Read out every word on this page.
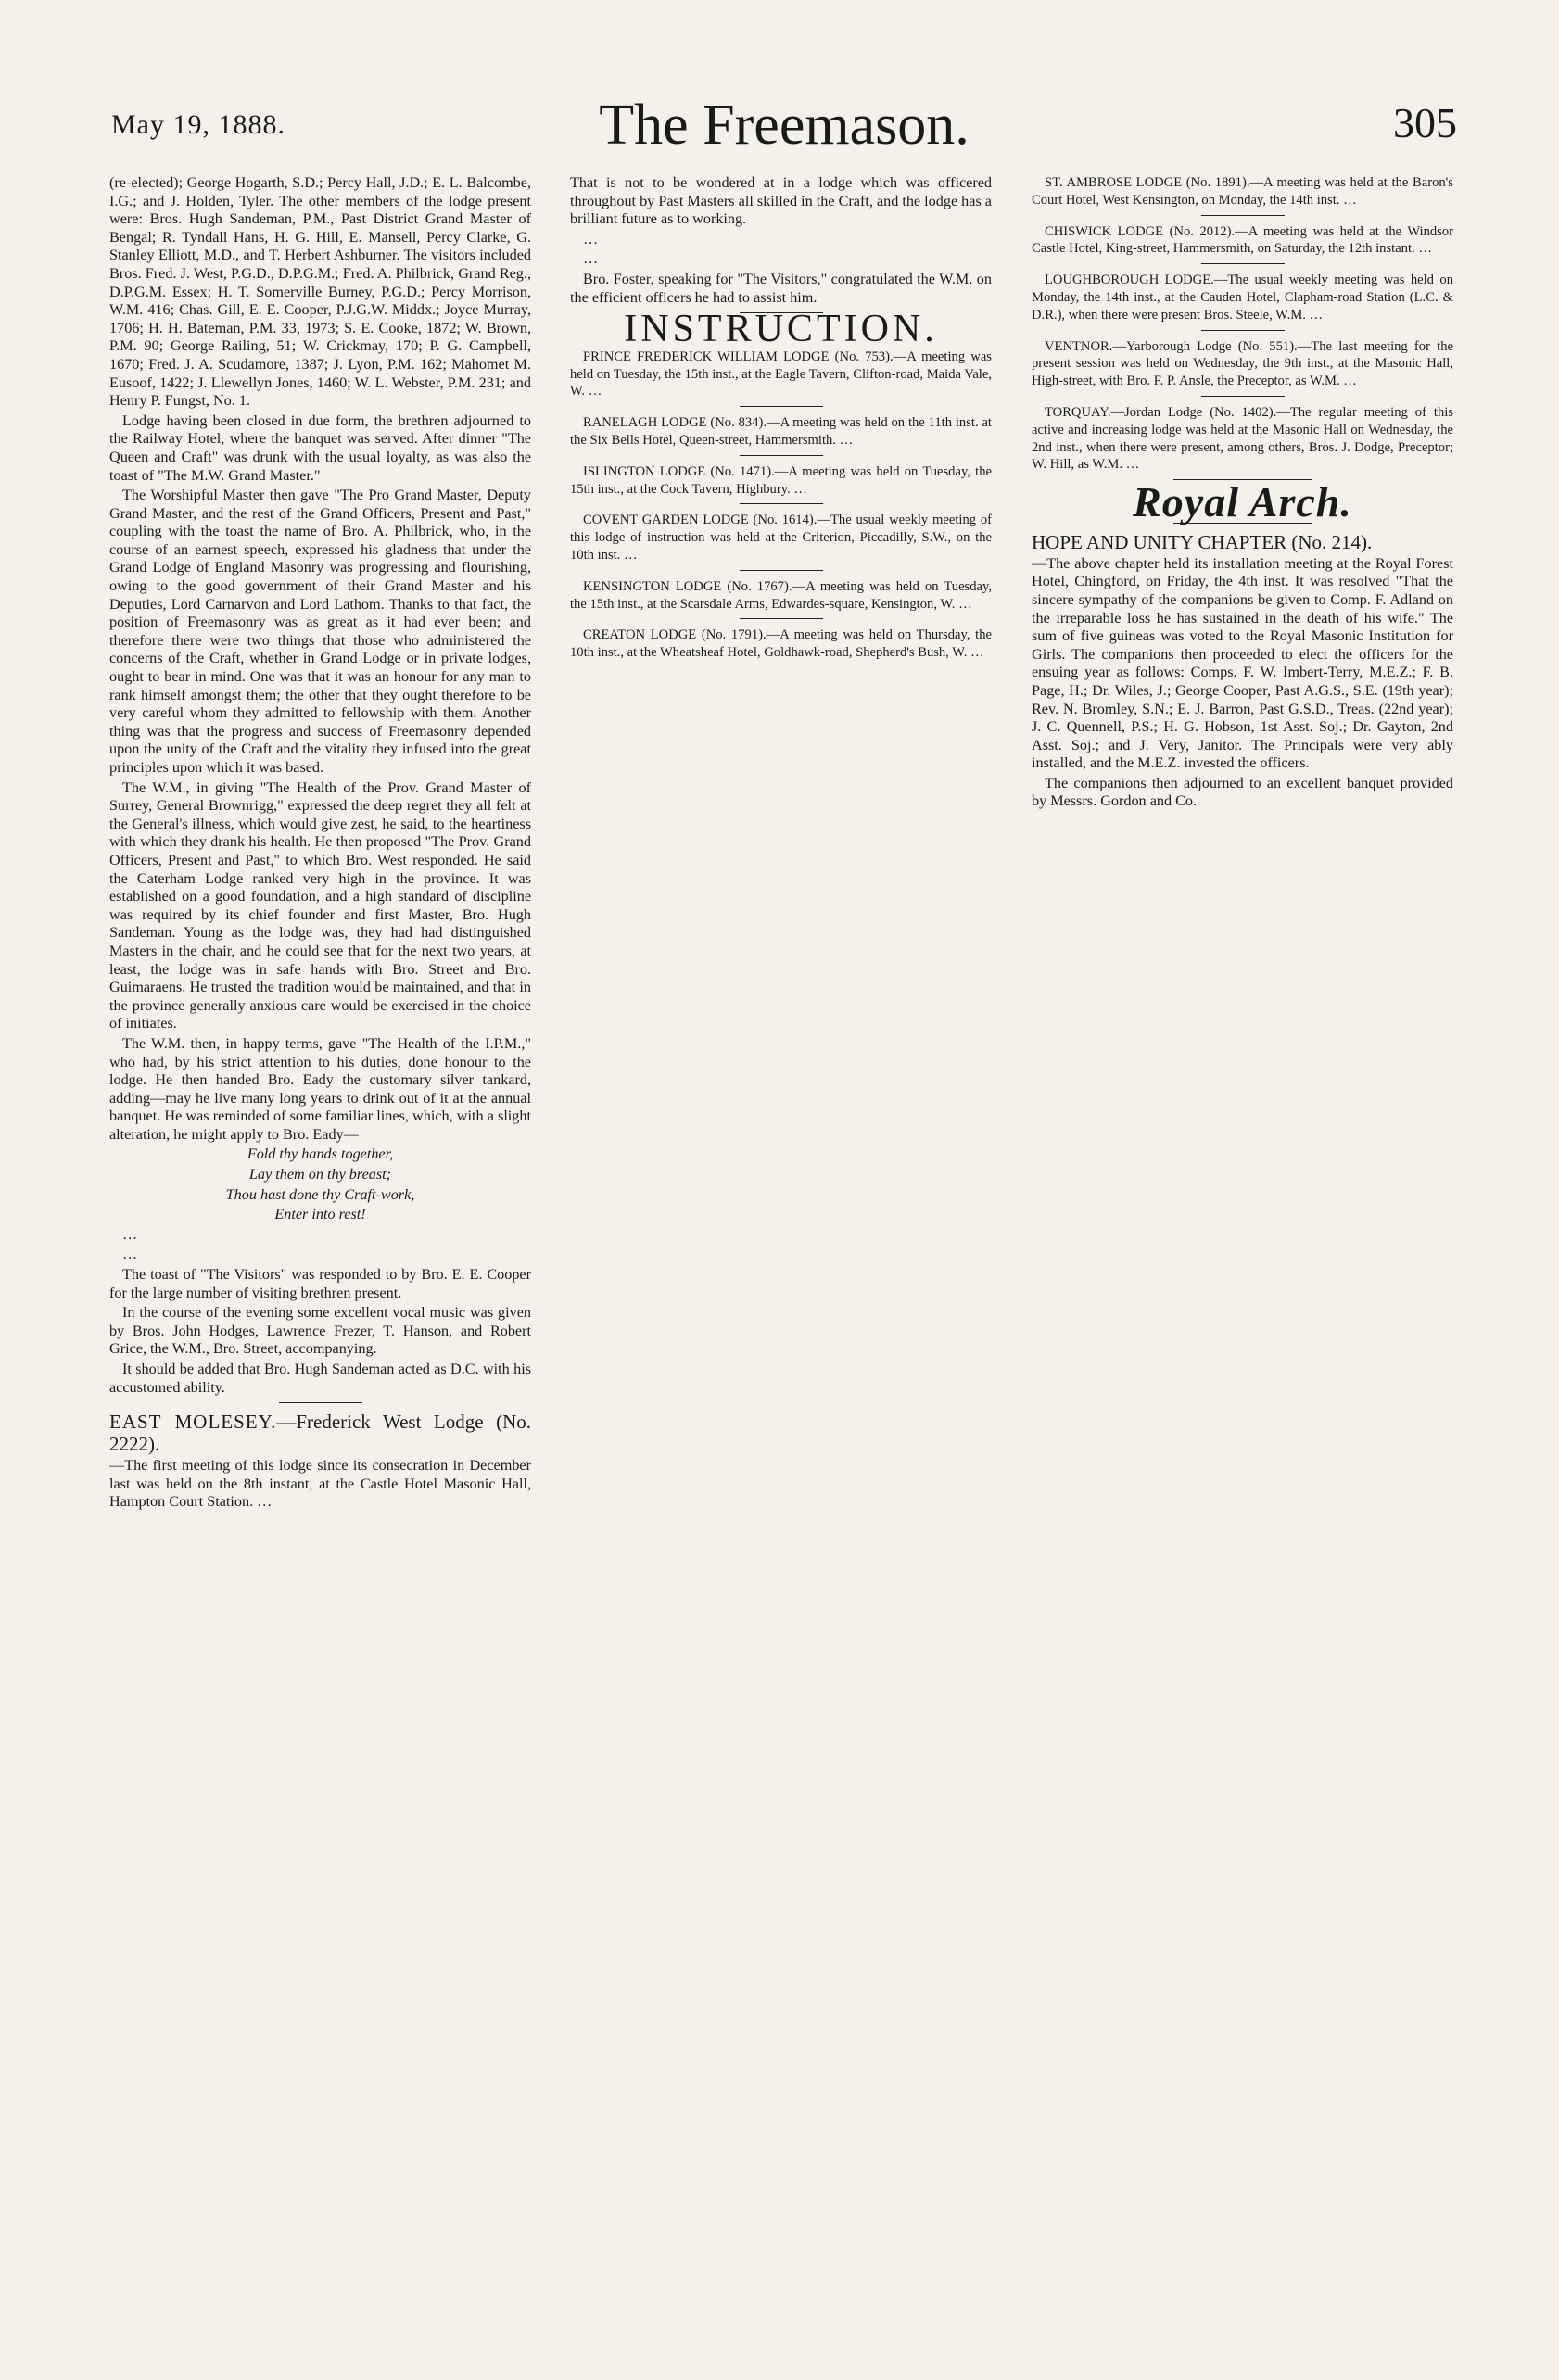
May 19, 1888.	The Freemason.	305

(re-elected); George Hogarth, S.D.; Percy Hall, J.D.; E. L. Balcombe, I.G.; and J. Holden, Tyler. The other members of the lodge present were: Bros. Hugh Sandeman, P.M., Past District Grand Master of Bengal; R. Tyndall Hans, H. G. Hill, E. Mansell, Percy Clarke, G. Stanley Elliott, M.D., and T. Herbert Ashburner. The visitors included Bros. Fred. J. West, P.G.D., D.P.G.M.; Fred. A. Philbrick, Grand Reg., D.P.G.M. Essex; H. T. Somerville Burney, P.G.D.; Percy Morrison, W.M. 416; Chas. Gill, E. E. Cooper, P.J.G.W. Middx.; Joyce Murray, 1706; H. H. Bateman, P.M. 33, 1973; S. E. Cooke, 1872; W. Brown, P.M. 90; George Railing, 51; W. Crickmay, 170; P. G. Campbell, 1670; Fred. J. A. Scudamore, 1387; J. Lyon, P.M. 162; Mahomet M. Eusoof, 1422; J. Llewellyn Jones, 1460; W. L. Webster, P.M. 231; and Henry P. Fungst, No. 1.

Lodge having been closed in due form, the brethren adjourned to the Railway Hotel, where the banquet was served. After dinner "The Queen and Craft" was drunk with the usual loyalty, as was also the toast of "The M.W. Grand Master."

The Worshipful Master then gave "The Pro Grand Master, Deputy Grand Master, and the rest of the Grand Officers, Present and Past," coupling with the toast the name of Bro. A. Philbrick, who, in the course of an earnest speech, expressed his gladness that under the Grand Lodge of England Masonry was progressing and flourishing, owing to the good government of their Grand Master and his Deputies, Lord Carnarvon and Lord Lathom. Thanks to that fact, the position of Freemasonry was as great as it had ever been; and therefore there were two things that those who administered the concerns of the Craft, whether in Grand Lodge or in private lodges, ought to bear in mind. One was that it was an honour for any man to rank himself amongst them; the other that they ought therefore to be very careful whom they admitted to fellowship with them. Another thing was that the progress and success of Freemasonry depended upon the unity of the Craft and the vitality they infused into the great principles upon which it was based.

The W.M., in giving "The Health of the Prov. Grand Master of Surrey, General Brownrigg," expressed the deep regret they all felt at the General's illness, which would give zest, he said, to the heartiness with which they drank his health. He then proposed "The Prov. Grand Officers, Present and Past," to which Bro. West responded. He said the Caterham Lodge ranked very high in the province. It was established on a good foundation, and a high standard of discipline was required by its chief founder and first Master, Bro. Hugh Sandeman. Young as the lodge was, they had had distinguished Masters in the chair, and he could see that for the next two years, at least, the lodge was in safe hands with Bro. Street and Bro. Guimaraens. He trusted the tradition would be maintained, and that in the province generally anxious care would be exercised in the choice of initiates.

The W.M. then, in happy terms, gave "The Health of the I.P.M.," who had, by his strict attention to his duties, done honour to the lodge. He then handed Bro. Eady the customary silver tankard, adding—may he live many long years to drink out of it at the annual banquet. He was reminded of some familiar lines, which, with a slight alteration, he might apply to Bro. Eady—

Fold thy hands together,

Lay them on thy breast;

Thou hast done thy Craft-work,

Enter into rest!

…

…

The toast of "The Visitors" was responded to by Bro. E. E. Cooper for the large number of visiting brethren present.

In the course of the evening some excellent vocal music was given by Bros. John Hodges, Lawrence Frezer, T. Hanson, and Robert Grice, the W.M., Bro. Street, accompanying.

It should be added that Bro. Hugh Sandeman acted as D.C. with his accustomed ability.

EAST MOLESEY.—Frederick West Lodge (No. 2222).

—The first meeting of this lodge since its consecration in December last was held on the 8th instant, at the Castle Hotel Masonic Hall, Hampton Court Station. …

That is not to be wondered at in a lodge which was officered throughout by Past Masters all skilled in the Craft, and the lodge has a brilliant future as to working.

…

…

Bro. Foster, speaking for "The Visitors," congratulated the W.M. on the efficient officers he had to assist him.

INSTRUCTION.

PRINCE FREDERICK WILLIAM LODGE (No. 753).—A meeting was held on Tuesday, the 15th inst., at the Eagle Tavern, Clifton-road, Maida Vale, W. …

RANELAGH LODGE (No. 834).—A meeting was held on the 11th inst. at the Six Bells Hotel, Queen-street, Hammersmith. …

ISLINGTON LODGE (No. 1471).—A meeting was held on Tuesday, the 15th inst., at the Cock Tavern, Highbury. …

COVENT GARDEN LODGE (No. 1614).—The usual weekly meeting of this lodge of instruction was held at the Criterion, Piccadilly, S.W., on the 10th inst. …

KENSINGTON LODGE (No. 1767).—A meeting was held on Tuesday, the 15th inst., at the Scarsdale Arms, Edwardes-square, Kensington, W. …

CREATON LODGE (No. 1791).—A meeting was held on Thursday, the 10th inst., at the Wheatsheaf Hotel, Goldhawk-road, Shepherd's Bush, W. …

ST. AMBROSE LODGE (No. 1891).—A meeting was held at the Baron's Court Hotel, West Kensington, on Monday, the 14th inst. …

CHISWICK LODGE (No. 2012).—A meeting was held at the Windsor Castle Hotel, King-street, Hammersmith, on Saturday, the 12th instant. …

LOUGHBOROUGH LODGE.—The usual weekly meeting was held on Monday, the 14th inst., at the Cauden Hotel, Clapham-road Station (L.C. & D.R.), when there were present Bros. Steele, W.M. …

VENTNOR.—Yarborough Lodge (No. 551).—The last meeting for the present session was held on Wednesday, the 9th inst., at the Masonic Hall, High-street, with Bro. F. P. Ansle, the Preceptor, as W.M. …

TORQUAY.—Jordan Lodge (No. 1402).—The regular meeting of this active and increasing lodge was held at the Masonic Hall on Wednesday, the 2nd inst., when there were present, among others, Bros. J. Dodge, Preceptor; W. Hill, as W.M. …

Royal Arch.

HOPE AND UNITY CHAPTER (No. 214).

—The above chapter held its installation meeting at the Royal Forest Hotel, Chingford, on Friday, the 4th inst. It was resolved "That the sincere sympathy of the companions be given to Comp. F. Adland on the irreparable loss he has sustained in the death of his wife." The sum of five guineas was voted to the Royal Masonic Institution for Girls. The companions then proceeded to elect the officers for the ensuing year as follows: Comps. F. W. Imbert-Terry, M.E.Z.; F. B. Page, H.; Dr. Wiles, J.; George Cooper, Past A.G.S., S.E. (19th year); Rev. N. Bromley, S.N.; E. J. Barron, Past G.S.D., Treas. (22nd year); J. C. Quennell, P.S.; H. G. Hobson, 1st Asst. Soj.; Dr. Gayton, 2nd Asst. Soj.; and J. Very, Janitor. The Principals were very ably installed, and the M.E.Z. invested the officers.

The companions then adjourned to an excellent banquet provided by Messrs. Gordon and Co.
